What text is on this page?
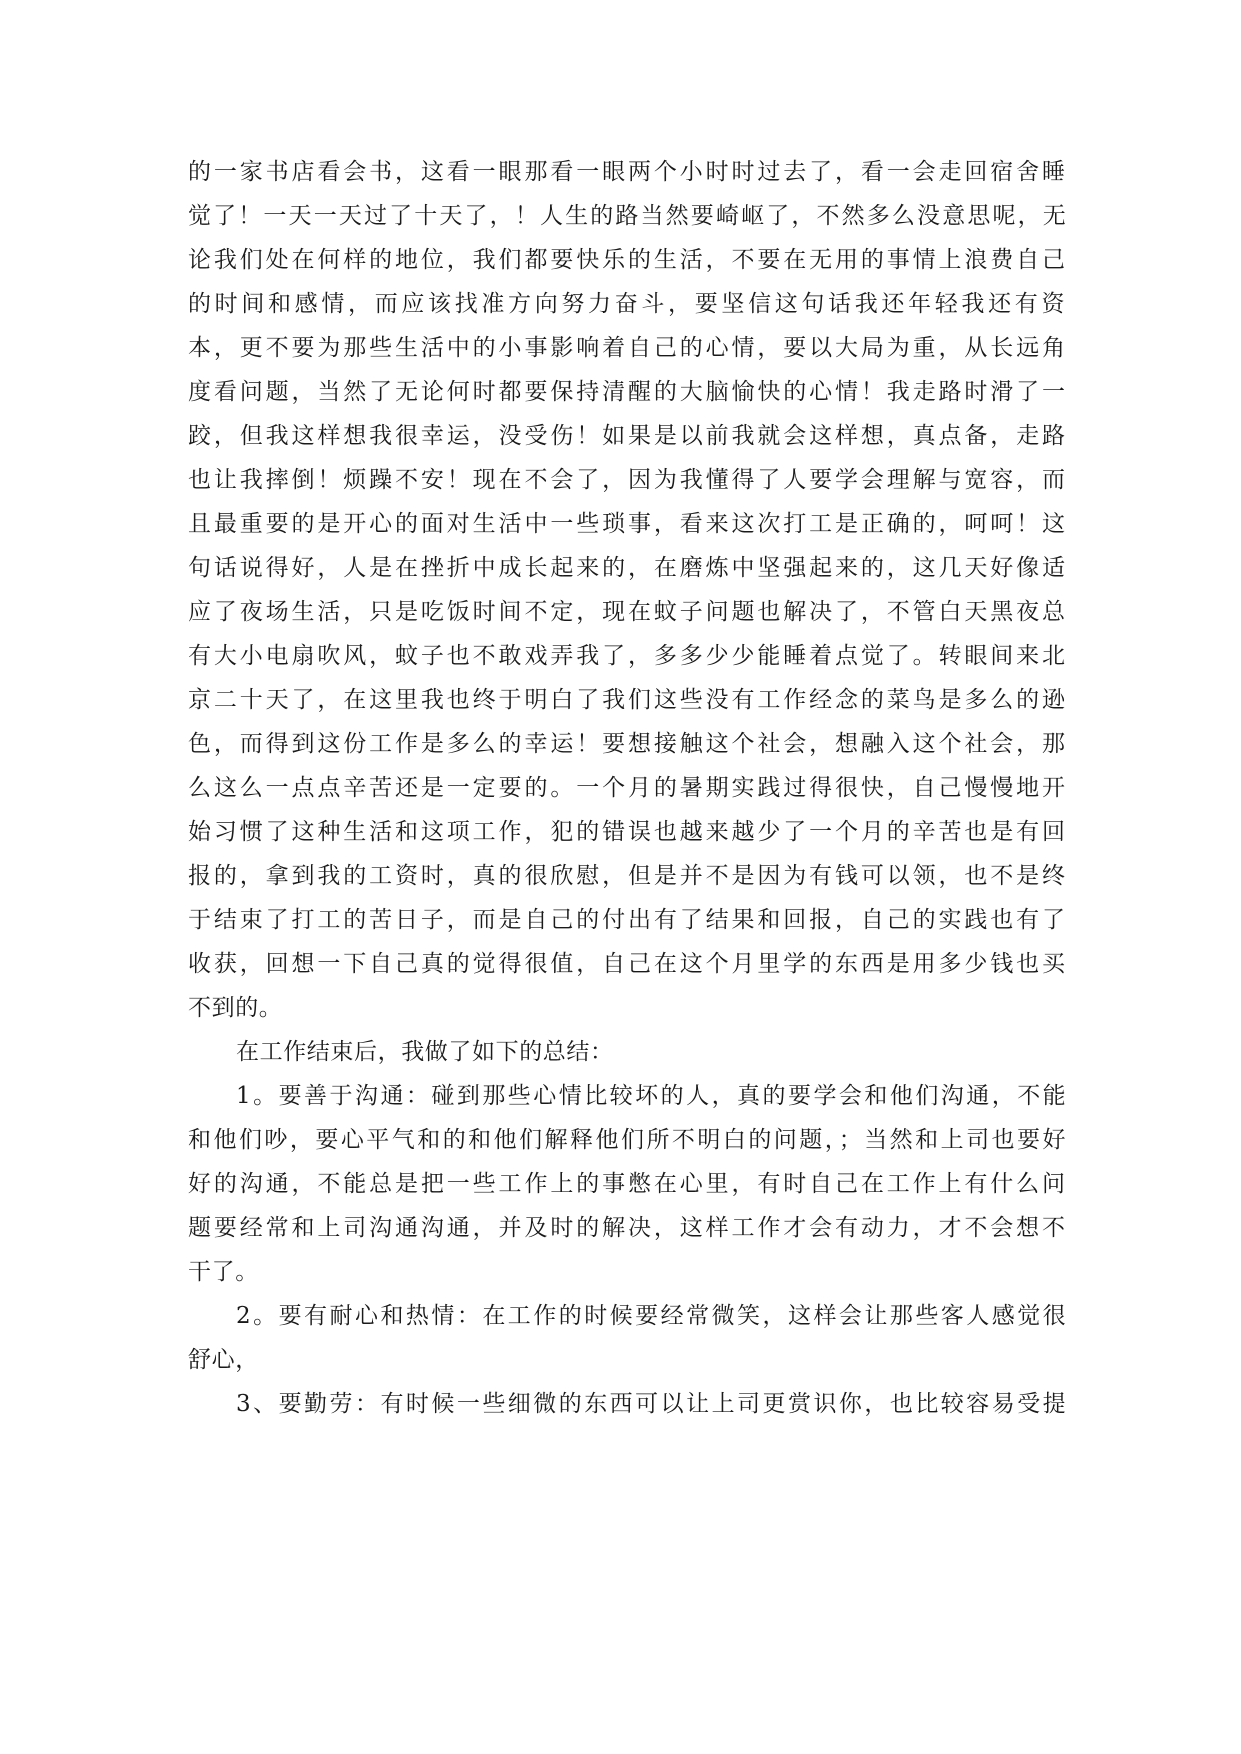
的一家书店看会书，这看一眼那看一眼两个小时时过去了，看一会走回宿舍睡
觉了！一天一天过了十天了，！人生的路当然要崎岖了，不然多么没意思呢，无
论我们处在何样的地位，我们都要快乐的生活，不要在无用的事情上浪费自己
的时间和感情，而应该找准方向努力奋斗，要坚信这句话我还年轻我还有资
本，更不要为那些生活中的小事影响着自己的心情，要以大局为重，从长远角
度看问题，当然了无论何时都要保持清醒的大脑愉快的心情！我走路时滑了一
跤，但我这样想我很幸运，没受伤！如果是以前我就会这样想，真点备，走路
也让我摔倒！烦躁不安！现在不会了，因为我懂得了人要学会理解与宽容，而
且最重要的是开心的面对生活中一些琐事，看来这次打工是正确的，呵呵！这
句话说得好，人是在挫折中成长起来的，在磨炼中坚强起来的，这几天好像适
应了夜场生活，只是吃饭时间不定，现在蚊子问题也解决了，不管白天黑夜总
有大小电扇吹风，蚊子也不敢戏弄我了，多多少少能睡着点觉了。转眼间来北
京二十天了，在这里我也终于明白了我们这些没有工作经念的菜鸟是多么的逊
色，而得到这份工作是多么的幸运！要想接触这个社会，想融入这个社会，那
么这么一点点辛苦还是一定要的。一个月的暑期实践过得很快，自己慢慢地开
始习惯了这种生活和这项工作，犯的错误也越来越少了一个月的辛苦也是有回
报的，拿到我的工资时，真的很欣慰，但是并不是因为有钱可以领，也不是终
于结束了打工的苦日子，而是自己的付出有了结果和回报，自己的实践也有了
收获，回想一下自己真的觉得很值，自己在这个月里学的东西是用多少钱也买
不到的。
在工作结束后，我做了如下的总结：
1。要善于沟通：碰到那些心情比较坏的人，真的要学会和他们沟通，不能
和他们吵，要心平气和的和他们解释他们所不明白的问题，；当然和上司也要好
好的沟通，不能总是把一些工作上的事憋在心里，有时自己在工作上有什么问
题要经常和上司沟通沟通，并及时的解决，这样工作才会有动力，才不会想不
干了。
2。要有耐心和热情：在工作的时候要经常微笑，这样会让那些客人感觉很
舒心，
3、要勤劳：有时候一些细微的东西可以让上司更赏识你，也比较容易受提
